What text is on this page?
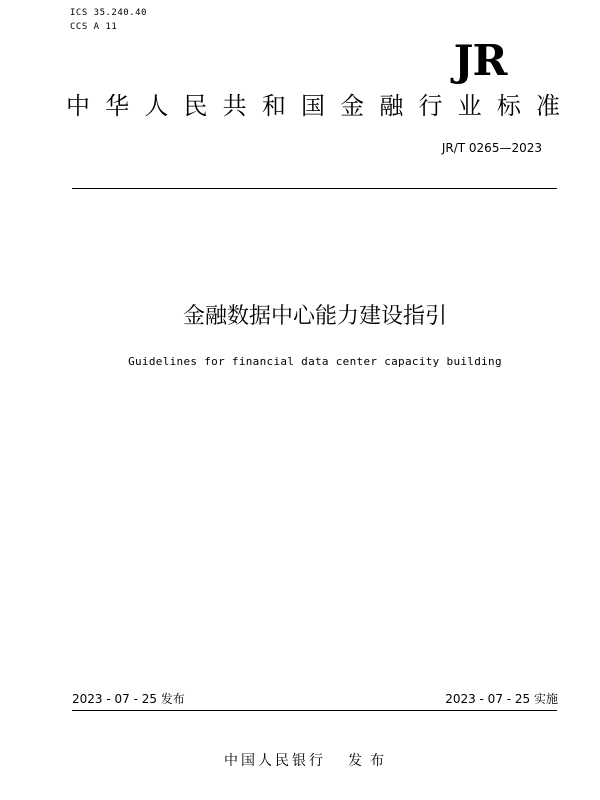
ICS 35.240.40
CCS A 11
JR
中华人民共和国金融行业标准
JR/T 0265—2023
金融数据中心能力建设指引
Guidelines for financial data center capacity building
2023 - 07 - 25 发布	2023 - 07 - 25 实施
中国人民银行 发布
